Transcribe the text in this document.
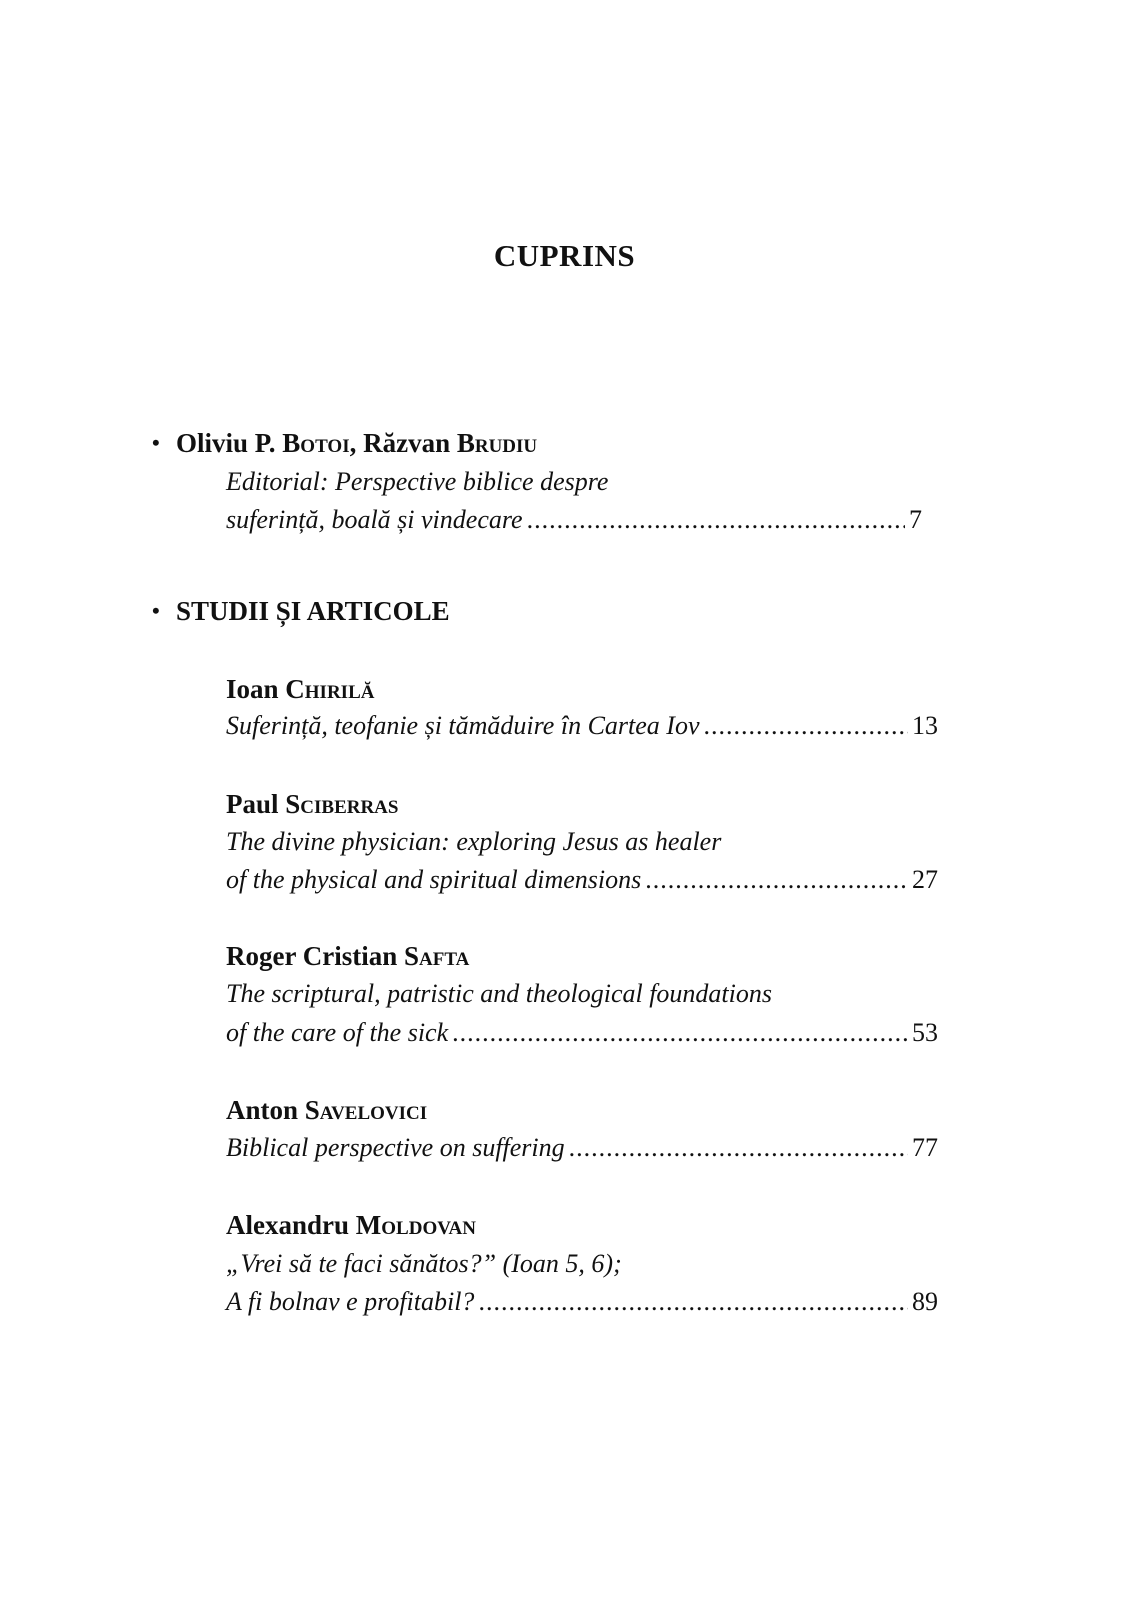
CUPRINS
• Oliviu P. Botoi, Răzvan Brudiu
Editorial: Perspective biblice despre
suferință, boală și vindecare .....	7
• STUDII ȘI ARTICOLE
Ioan Chirilă
Suferință, teofanie și tămăduire în Cartea Iov .....	13
Paul Sciberras
The divine physician: exploring Jesus as healer
of the physical and spiritual dimensions .....	27
Roger Cristian Safta
The scriptural, patristic and theological foundations
of the care of the sick .....	53
Anton Savelovici
Biblical perspective on suffering .....	77
Alexandru Moldovan
„Vrei să te faci sănătos?” (Ioan 5, 6);
A fi bolnav e profitabil? .....	89
